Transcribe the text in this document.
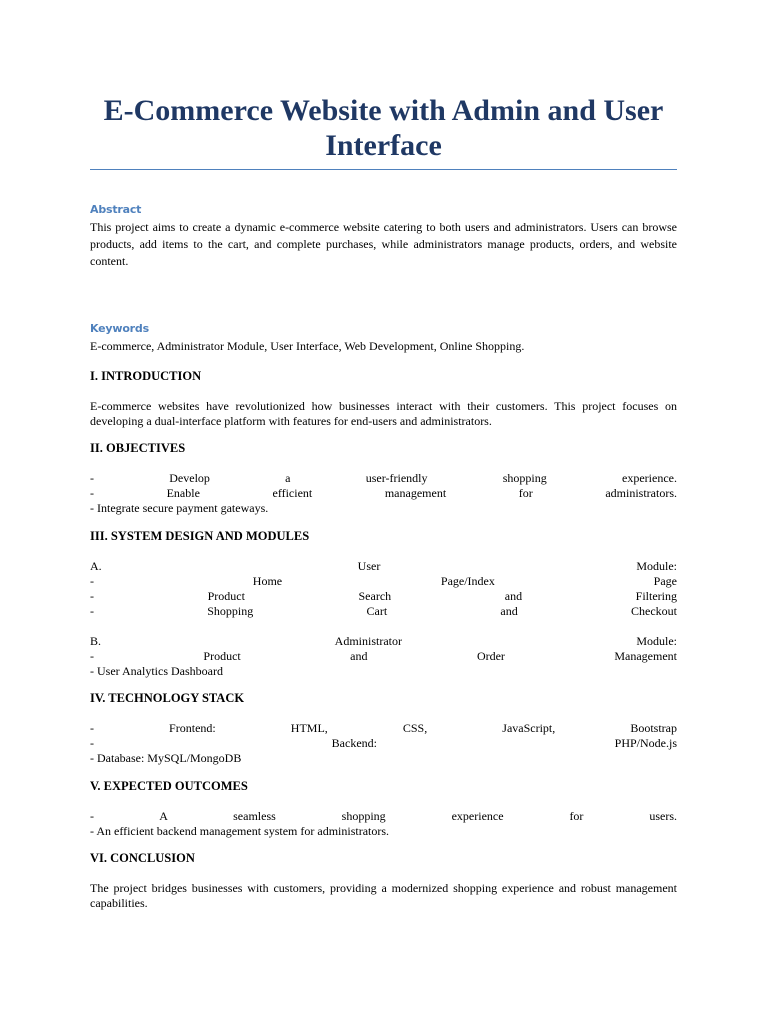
E-Commerce Website with Admin and User Interface
Abstract

This project aims to create a dynamic e-commerce website catering to both users and administrators. Users can browse products, add items to the cart, and complete purchases, while administrators manage products, orders, and website content.

Keywords

E-commerce, Administrator Module, User Interface, Web Development, Online Shopping.

I. INTRODUCTION

E-commerce websites have revolutionized how businesses interact with their customers. This project focuses on developing a dual-interface platform with features for end-users and administrators.

II. OBJECTIVES
- Develop a user-friendly shopping experience.
- Enable efficient management for administrators.
- Integrate secure payment gateways.
III. SYSTEM DESIGN AND MODULES
A. User Module:
- Home Page/Index Page
- Product Search and Filtering
- Shopping Cart and Checkout
B. Administrator Module:
- Product and Order Management
- User Analytics Dashboard
IV. TECHNOLOGY STACK
- Frontend: HTML, CSS, JavaScript, Bootstrap
- Backend: PHP/Node.js
- Database: MySQL/MongoDB
V. EXPECTED OUTCOMES
- A seamless shopping experience for users.
- An efficient backend management system for administrators.
VI. CONCLUSION

The project bridges businesses with customers, providing a modernized shopping experience and robust management capabilities.
